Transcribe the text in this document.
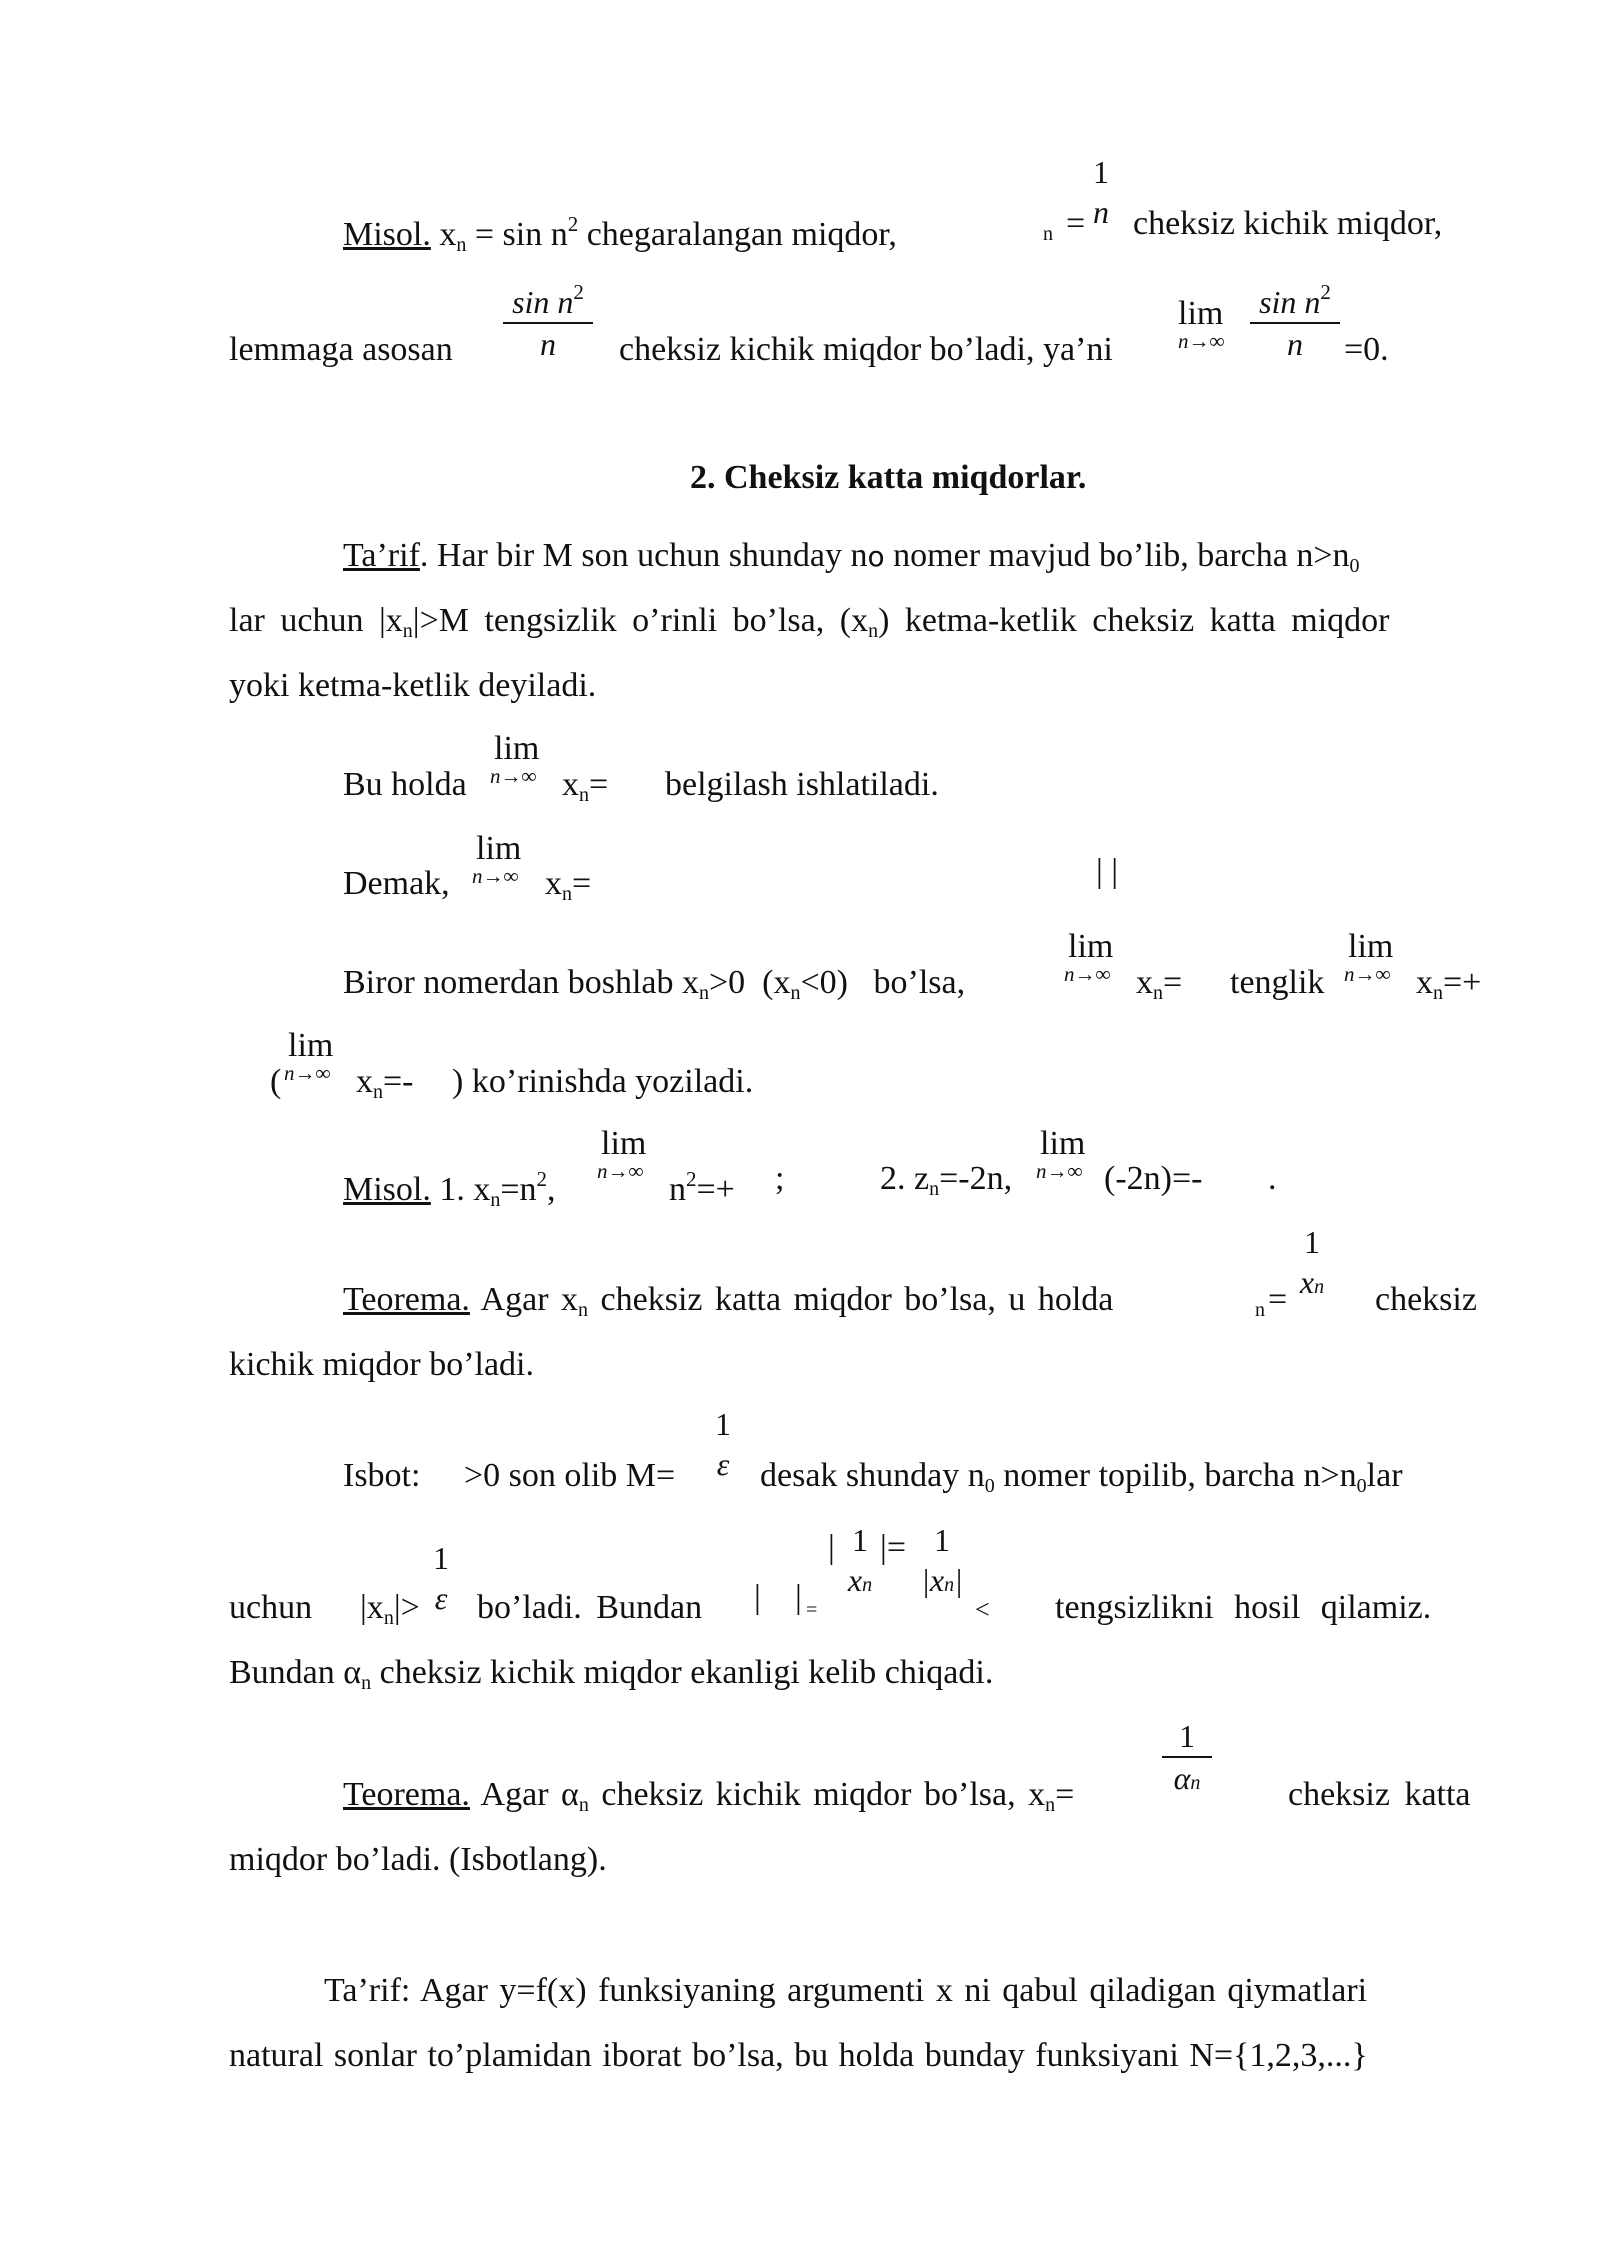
Misol. $x_n = \sin n^2$ chegaralangan miqdor,	n =
1
n cheksiz kichik miqdor,
lemmaga asosan
$\sin n^2$
n	cheksiz kichik miqdor bo’ladi, ya’ni
lim
n→∞
$\sin n^2$
n	=0.
2. Cheksiz katta miqdorlar.
Ta’rif. Har bir M son uchun shunday no nomer mavjud bo’lib, barcha $n>n_0$
lar uchun $|x_n|>M$ tengsizlik o’rinli bo’lsa, $(x_n)$ ketma-ketlik cheksiz katta miqdor
yoki ketma-ketlik deyiladi.
Bu holda
lim
n→∞ $x_n=$ belgilash ishlatiladi.
Demak,
lim
n→∞ $x_n=$	| |
Biror nomerdan boshlab $x_n>0$  $(x_n<0)$   bo’lsa,
lim
n→∞ $x_n=$ tenglik
lim
n→∞ $x_n=+$
(
lim
n→∞ $x_n=-$ ) ko’rinishda yoziladi.
Misol. 1. $x_n=n^2$,
lim
n→∞ $n^2=+$ ;	2. $z_n=-2n$,
lim
n→∞ (-2n)=- .
Teorema. Agar $x_n$ cheksiz katta miqdor bo’lsa, u holda	n =
1
xn	cheksiz
kichik miqdor bo’ladi.
Isbot: >0 son olib M=
1
ε desak shunday $n_0$ nomer topilib, barcha $n>n_0lar$
uchun $|x_n|>$
1
ε bo’ladi. Bundan | | =
| 1
xn
|= 1
|xn|
< tengsizlikni hosil qilamiz.
Bundan $\alpha_n$ cheksiz kichik miqdor ekanligi kelib chiqadi.
Teorema. Agar $\alpha_n$ cheksiz kichik miqdor bo’lsa, $x_n=$
1
αn	cheksiz katta
miqdor bo’ladi. (Isbotlang).
Ta’rif: Agar y=f(x) funksiyaning argumenti x ni qabul qiladigan qiymatlari
natural sonlar to’plamidan iborat bo’lsa, bu holda bunday funksiyani N={1,2,3,...}
